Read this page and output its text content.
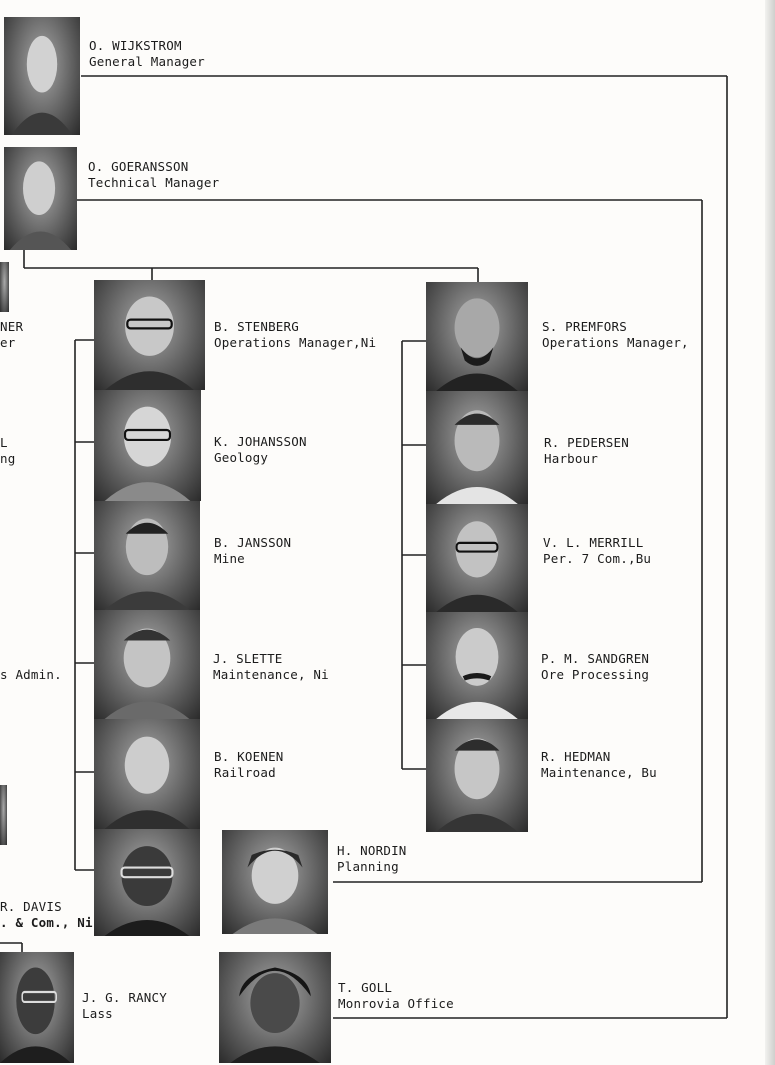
O. WIJKSTROM
General Manager
O. GOERANSSON
Technical Manager
NER
er
L
ng
s Admin.
R. DAVIS
. & Com., Ni
B. STENBERG
Operations Manager,Ni
K. JOHANSSON
Geology
B. JANSSON
Mine
J. SLETTE
Maintenance, Ni
B. KOENEN
Railroad
H. NORDIN
Planning
S. PREMFORS
Operations Manager,
R. PEDERSEN
Harbour
V. L. MERRILL
Per. 7 Com.,Bu
P. M. SANDGREN
Ore Processing
R. HEDMAN
Maintenance, Bu
T. GOLL
Monrovia Office
J. G. RANCY
Lass
